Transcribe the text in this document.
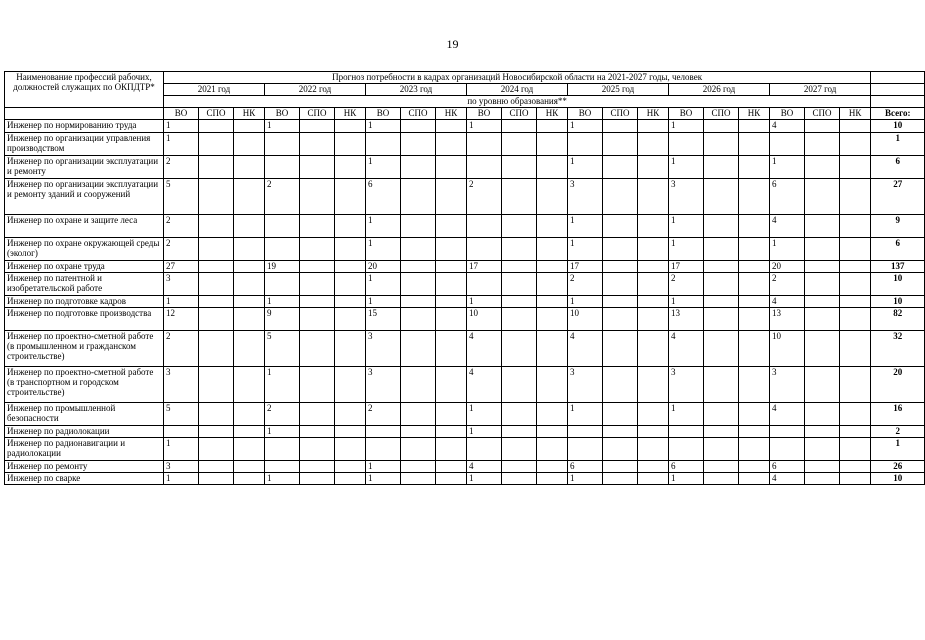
19
Наименование профессий рабочих, должностей служащих по ОКПДТР*	Прогноз потребности в кадрах организаций Новосибирской области на 2021-2027 годы, человек																					
	2021 год			2022 год			2023 год			2024 год			2025 год			2026 год			2027 год			
	по уровню образования**																					
	ВО	СПО	НК	ВО	СПО	НК	ВО	СПО	НК	ВО	СПО	НК	ВО	СПО	НК	ВО	СПО	НК	ВО	СПО	НК	Всего:
Инженер по нормированию труда	1			1			1			1			1			1			4			10
Инженер по организации управления производством	1																					1
Инженер по организации эксплуатации и ремонту	2						1						1			1			1			6
Инженер по организации эксплуатации и ремонту зданий и сооружений	5			2			6			2			3			3			6			27
Инженер по охране и защите леса	2						1						1			1			4			9
Инженер по охране окружающей среды (эколог)	2						1						1			1			1			6
Инженер по охране труда	27			19			20			17			17			17			20			137
Инженер по патентной и изобретательской работе	3						1						2			2			2			10
Инженер по подготовке кадров	1			1			1			1			1			1			4			10
Инженер по подготовке производства	12			9			15			10			10			13			13			82
Инженер по проектно-сметной работе (в промышленном и гражданском строительстве)	2			5			3			4			4			4			10			32
Инженер по проектно-сметной работе (в транспортном и городском строительстве)	3			1			3			4			3			3			3			20
Инженер по промышленной безопасности	5			2			2			1			1			1			4			16
Инженер по радиолокации				1						1												2
Инженер по радионавигации и радиолокации	1																					1
Инженер по ремонту	3						1			4			6			6			6			26
Инженер по сварке	1			1			1			1			1			1			4			10
